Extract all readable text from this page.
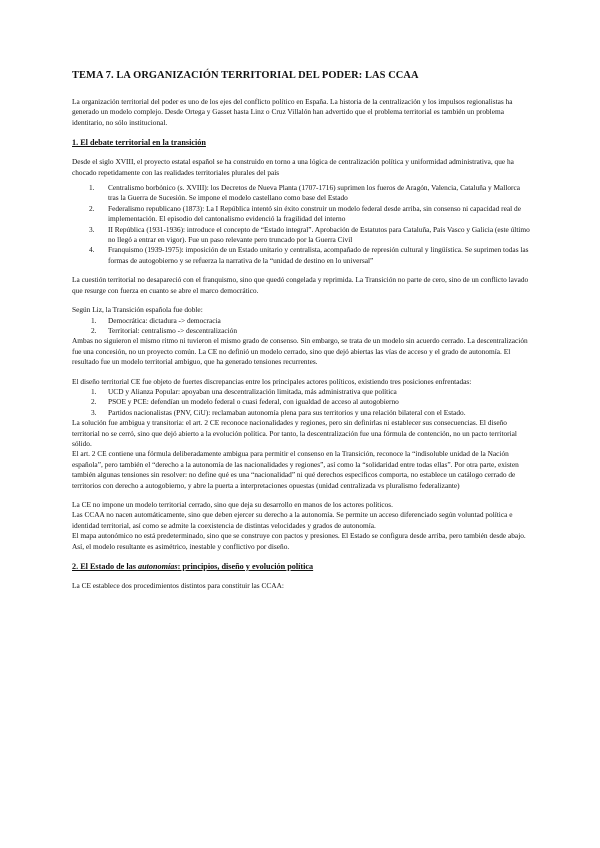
TEMA 7. LA ORGANIZACIÓN TERRITORIAL DEL PODER: LAS CCAA

La organización territorial del poder es uno de los ejes del conflicto político en España. La historia de la centralización y los impulsos regionalistas ha generado un modelo complejo. Desde Ortega y Gasset hasta Linz o Cruz Villalón han advertido que el problema territorial es también un problema identitario, no sólo institucional.

1. El debate territorial en la transición

Desde el siglo XVIII, el proyecto estatal español se ha construido en torno a una lógica de centralización política y uniformidad administrativa, que ha chocado repetidamente con las realidades territoriales plurales del país

1. Centralismo borbónico (s. XVIII): los Decretos de Nueva Planta (1707-1716) suprimen los fueros de Aragón, Valencia, Cataluña y Mallorca tras la Guerra de Sucesión. Se impone el modelo castellano como base del Estado
2. Federalismo republicano (1873): La I República intentó sin éxito construir un modelo federal desde arriba, sin consenso ni capacidad real de implementación. El episodio del cantonalismo evidenció la fragilidad del interno
3. II República (1931-1936): introduce el concepto de “Estado integral”. Aprobación de Estatutos para Cataluña, País Vasco y Galicia (este último no llegó a entrar en vigor). Fue un paso relevante pero truncado por la Guerra Civil
4. Franquismo (1939-1975): imposición de un Estado unitario y centralista, acompañado de represión cultural y lingüística. Se suprimen todas las formas de autogobierno y se refuerza la narrativa de la “unidad de destino en lo universal”

La cuestión territorial no desapareció con el franquismo, sino que quedó congelada y reprimida. La Transición no parte de cero, sino de un conflicto lavado que resurge con fuerza en cuanto se abre el marco democrático.

Según Liz, la Transición española fue doble:

1. Democrática: dictadura -> democracia
2. Territorial: centralismo -> descentralización

Ambas no siguieron el mismo ritmo ni tuvieron el mismo grado de consenso. Sin embargo, se trata de un modelo sin acuerdo cerrado. La descentralización fue una concesión, no un proyecto común. La CE no definió un modelo cerrado, sino que dejó abiertas las vías de acceso y el grado de autonomía. El resultado fue un modelo territorial ambiguo, que ha generado tensiones recurrentes.

El diseño territorial CE fue objeto de fuertes discrepancias entre los principales actores políticos, existiendo tres posiciones enfrentadas:

1. UCD y Alianza Popular: apoyaban una descentralización limitada, más administrativa que política
2. PSOE y PCE: defendían un modelo federal o cuasi federal, con igualdad de acceso al autogobierno
3. Partidos nacionalistas (PNV, CiU): reclamaban autonomía plena para sus territorios y una relación bilateral con el Estado.

La solución fue ambigua y transitoria: el art. 2 CE reconoce nacionalidades y regiones, pero sin definirlas ni establecer sus consecuencias. El diseño territorial no se cerró, sino que dejó abierto a la evolución política. Por tanto, la descentralización fue una fórmula de contención, no un pacto territorial sólido.

El art. 2 CE contiene una fórmula deliberadamente ambigua para permitir el consenso en la Transición, reconoce la “indisoluble unidad de la Nación española”, pero también el “derecho a la autonomía de las nacionalidades y regiones”, así como la “solidaridad entre todas ellas”. Por otra parte, existen también algunas tensiones sin resolver: no define qué es una “nacionalidad” ni qué derechos específicos comporta, no establece un catálogo cerrado de territorios con derecho a autogobierno, y abre la puerta a interpretaciones opuestas (unidad centralizada vs pluralismo federalizante)

La CE no impone un modelo territorial cerrado, sino que deja su desarrollo en manos de los actores políticos.

Las CCAA no nacen automáticamente, sino que deben ejercer su derecho a la autonomía. Se permite un acceso diferenciado según voluntad política e identidad territorial, así como se admite la coexistencia de distintas velocidades y grados de autonomía.

El mapa autonómico no está predeterminado, sino que se construye con pactos y presiones. El Estado se configura desde arriba, pero también desde abajo. Así, el modelo resultante es asimétrico, inestable y conflictivo por diseño.

2. El Estado de las autonomías: principios, diseño y evolución política

La CE establece dos procedimientos distintos para constituir las CCAA:
